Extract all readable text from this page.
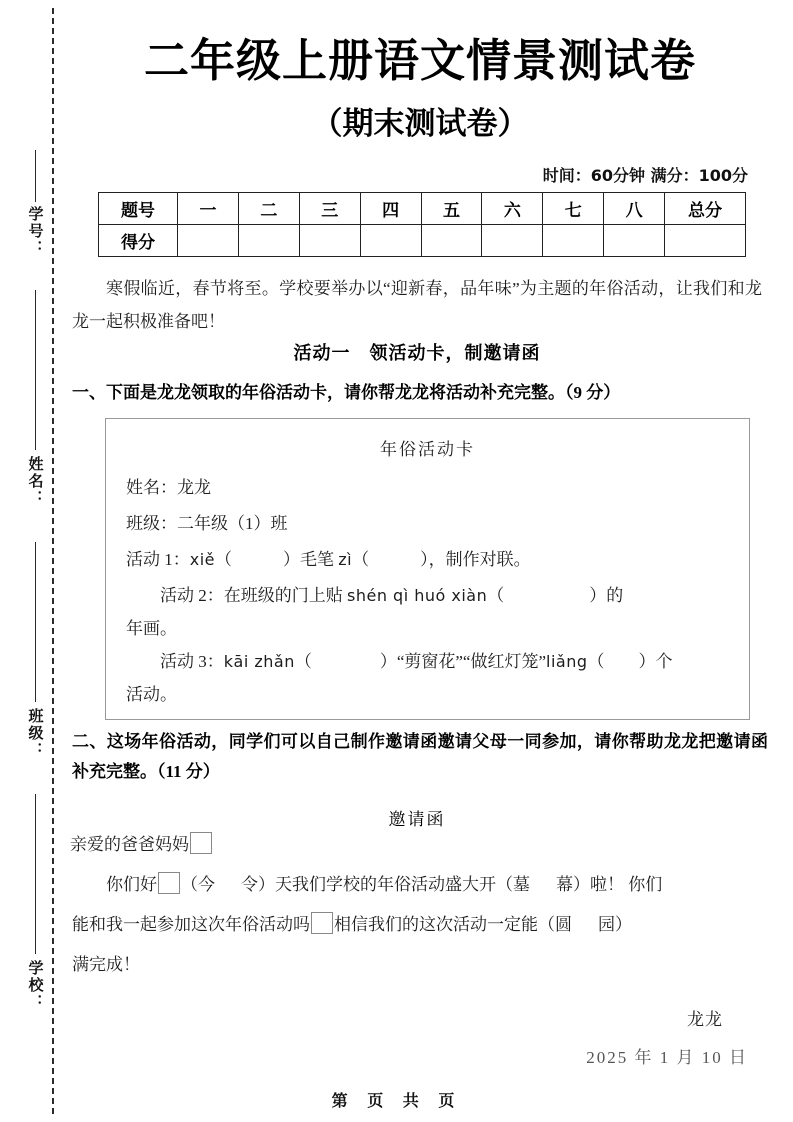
学号：
姓名：
班级：
学校：
二年级上册语文情景测试卷
（期末测试卷）
时间：60分钟 满分：100分
题号	一	二	三	四	五	六	七	八	总分
得分									
寒假临近，春节将至。学校要举办以“迎新春，品年味”为主题的年俗活动，让我们和龙龙一起积极准备吧！
活动一　领活动卡，制邀请函
一、下面是龙龙领取的年俗活动卡，请你帮龙龙将活动补充完整。（9 分）
年俗活动卡
姓名：龙龙
班级：二年级（1）班
活动 1：xiě（　　　）毛笔 zì（　　　），制作对联。
活动 2：在班级的门上贴 shén qì huó xiàn（　　　　　）的
年画。
活动 3：kāi zhǎn（　　　　）“剪窗花”“做红灯笼”liǎng（　　）个
活动。
二、这场年俗活动，同学们可以自己制作邀请函邀请父母一同参加，请你帮助龙龙把邀请函补充完整。（11 分）
邀请函
亲爱的爸爸妈妈
你们好 （今 令）天我们学校的年俗活动盛大开（墓 幕）啦！ 你们
能和我一起参加这次年俗活动吗 相信我们的这次活动一定能（圆 园）
满完成！
龙龙
2025 年 1 月 10 日
第 页 共 页
